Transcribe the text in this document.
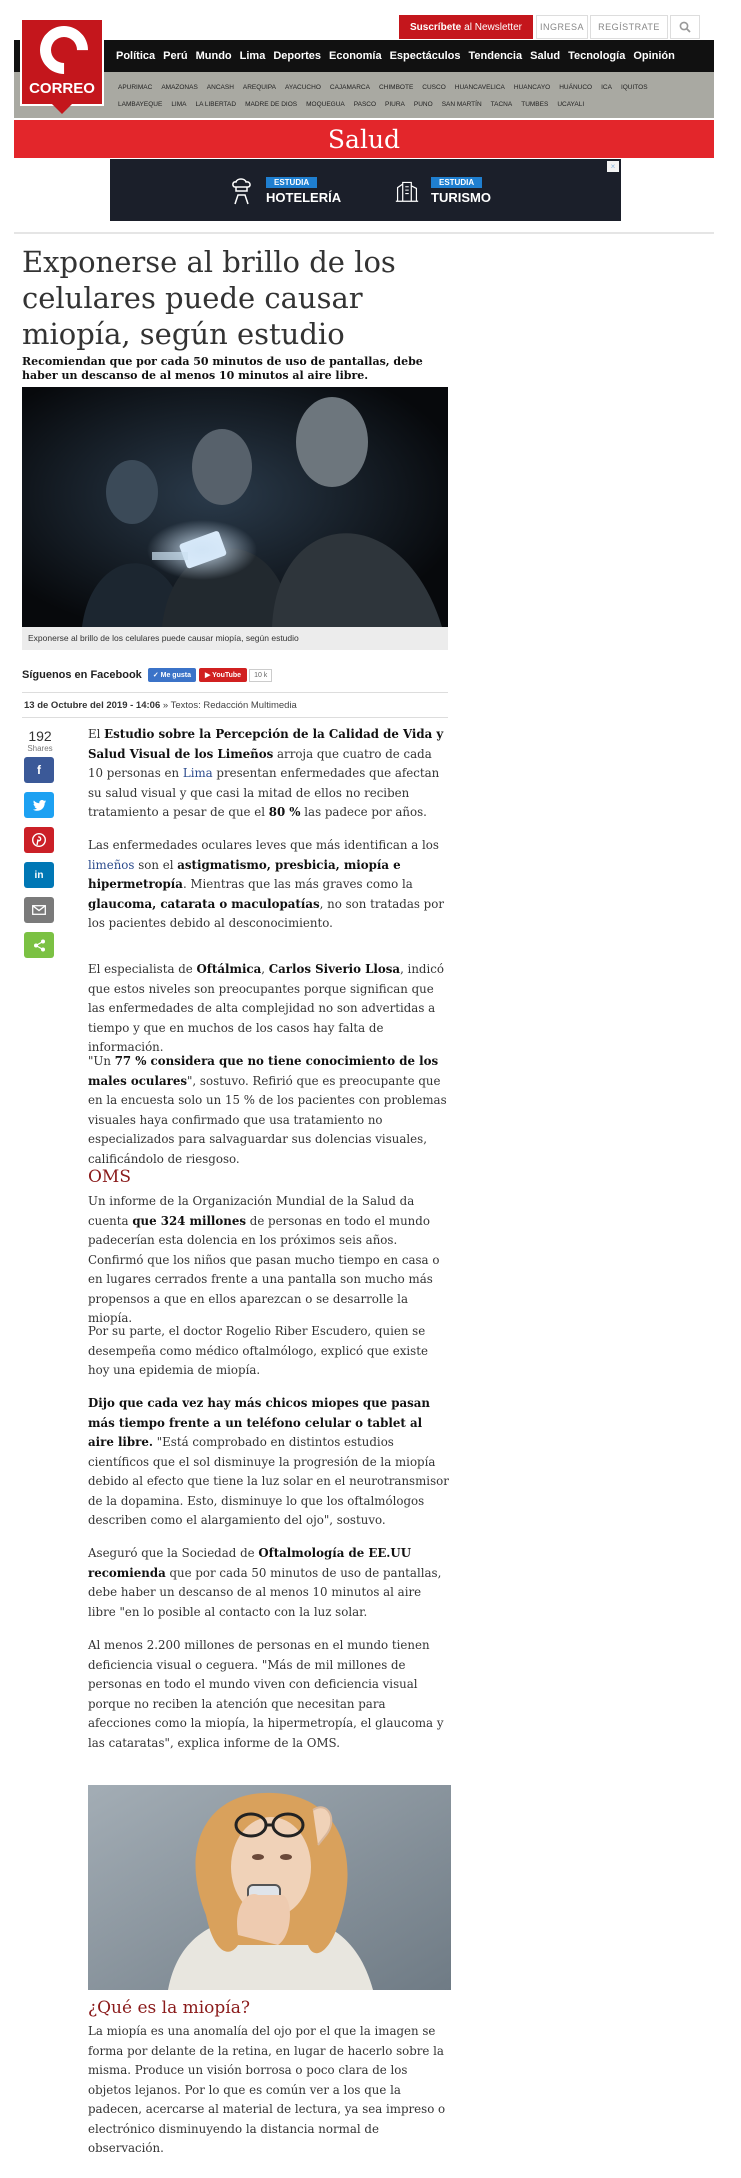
Suscríbete al Newsletter	INGRESA	REGÍSTRATE
CORREO
Política Perú Mundo Lima Deportes Economía Espectáculos Tendencia Salud Tecnología Opinión
APURIMAC AMAZONAS ANCASH AREQUIPA AYACUCHO CAJAMARCA CHIMBOTE CUSCO HUANCAVELICA HUANCAYO HUÁNUCO ICA IQUITOS
LAMBAYEQUE LIMA LA LIBERTAD MADRE DE DIOS MOQUEGUA PASCO PIURA PUNO SAN MARTÍN TACNA TUMBES UCAYALI
Salud
×
ESTUDIA
HOTELERÍA
ESTUDIA
TURISMO
Exponerse al brillo de los celulares puede causar miopía, según estudio
Recomiendan que por cada 50 minutos de uso de pantallas, debe haber un descanso de al menos 10 minutos al aire libre.
Exponerse al brillo de los celulares puede causar miopía, según estudio
Síguenos en Facebook	✓ Me gusta	▶ YouTube	10 k
13 de Octubre del 2019 - 14:06 » Textos: Redacción Multimedia
192
Shares
f
in
El Estudio sobre la Percepción de la Calidad de Vida y Salud Visual de los Limeños arroja que cuatro de cada 10 personas en Lima presentan enfermedades que afectan su salud visual y que casi la mitad de ellos no reciben tratamiento a pesar de que el 80 % las padece por años.
Las enfermedades oculares leves que más identifican a los limeños son el astigmatismo, presbicia, miopía e hipermetropía. Mientras que las más graves como la glaucoma, catarata o maculopatías, no son tratadas por los pacientes debido al desconocimiento.
El especialista de Oftálmica, Carlos Siverio Llosa, indicó que estos niveles son preocupantes porque significan que las enfermedades de alta complejidad no son advertidas a tiempo y que en muchos de los casos hay falta de información.
"Un 77 % considera que no tiene conocimiento de los males oculares", sostuvo. Refirió que es preocupante que en la encuesta solo un 15 % de los pacientes con problemas visuales haya confirmado que usa tratamiento no especializados para salvaguardar sus dolencias visuales, calificándolo de riesgoso.
OMS
Un informe de la Organización Mundial de la Salud da cuenta que 324 millones de personas en todo el mundo padecerían esta dolencia en los próximos seis años. Confirmó que los niños que pasan mucho tiempo en casa o en lugares cerrados frente a una pantalla son mucho más propensos a que en ellos aparezcan o se desarrolle la miopía.
Por su parte, el doctor Rogelio Riber Escudero, quien se desempeña como médico oftalmólogo, explicó que existe hoy una epidemia de miopía.
Dijo que cada vez hay más chicos miopes que pasan más tiempo frente a un teléfono celular o tablet al aire libre. "Está comprobado en distintos estudios científicos que el sol disminuye la progresión de la miopía debido al efecto que tiene la luz solar en el neurotransmisor de la dopamina. Esto, disminuye lo que los oftalmólogos describen como el alargamiento del ojo", sostuvo.
Aseguró que la Sociedad de Oftalmología de EE.UU recomienda que por cada 50 minutos de uso de pantallas, debe haber un descanso de al menos 10 minutos al aire libre "en lo posible al contacto con la luz solar.
Al menos 2.200 millones de personas en el mundo tienen deficiencia visual o ceguera. "Más de mil millones de personas en todo el mundo viven con deficiencia visual porque no reciben la atención que necesitan para afecciones como la miopía, la hipermetropía, el glaucoma y las cataratas", explica informe de la OMS.
¿Qué es la miopía?
La miopía es una anomalía del ojo por el que la imagen se forma por delante de la retina, en lugar de hacerlo sobre la misma. Produce un visión borrosa o poco clara de los objetos lejanos. Por lo que es común ver a los que la padecen, acercarse al material de lectura, ya sea impreso o electrónico disminuyendo la distancia normal de observación.
